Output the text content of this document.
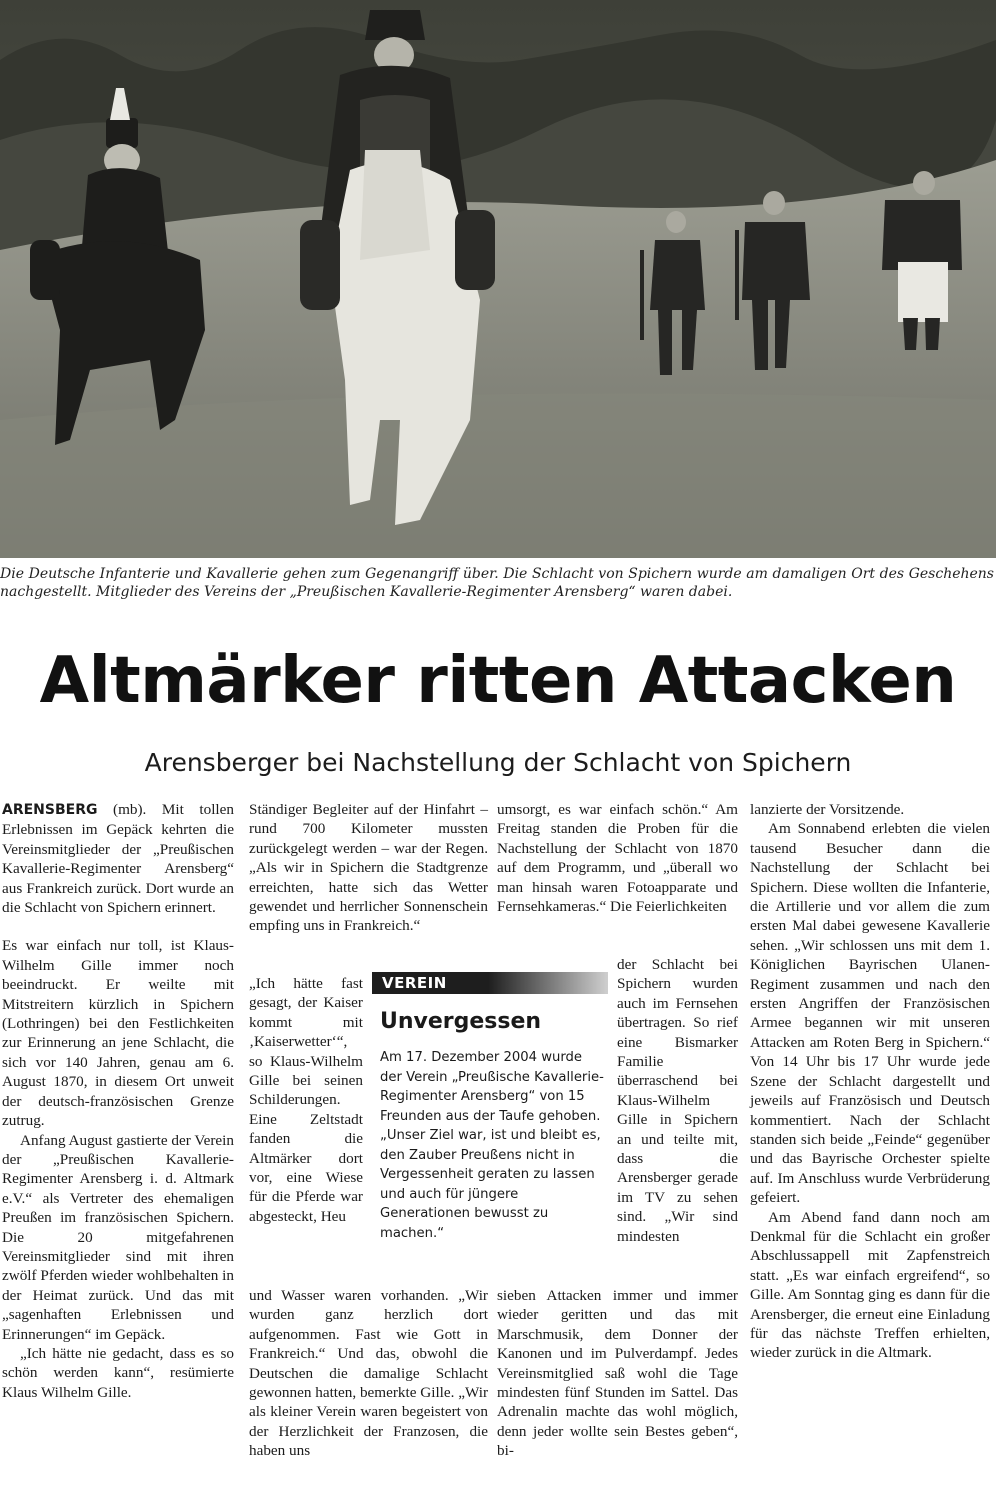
Die Deutsche Infanterie und Kavallerie gehen zum Gegenangriff über. Die Schlacht von Spichern wurde am damaligen Ort des Geschehens nachgestellt. Mitglieder des Vereins der „Preußischen Kavallerie-Regimenter Arensberg“ waren dabei.
Altmärker ritten Attacken
Arensberger bei Nachstellung der Schlacht von Spichern

ARENSBERG (mb). Mit tollen Erlebnissen im Gepäck kehrten die Vereinsmitglieder der „Preußischen Kavallerie-Regimenter Arensberg“ aus Frankreich zurück. Dort wurde an die Schlacht von Spichern erinnert.

Es war einfach nur toll, ist Klaus-Wilhelm Gille immer noch beeindruckt. Er weilte mit Mitstreitern kürzlich in Spichern (Lothringen) bei den Festlichkeiten zur Erinnerung an jene Schlacht, die sich vor 140 Jahren, genau am 6. August 1870, in diesem Ort unweit der deutsch-französischen Grenze zutrug.

Anfang August gastierte der Verein der „Preußischen Kavallerie-Regimenter Arensberg i. d. Altmark e.V.“ als Vertreter des ehemaligen Preußen im französischen Spichern. Die 20 mitgefahrenen Vereinsmitglieder sind mit ihren zwölf Pferden wieder wohlbehalten in der Heimat zurück. Und das mit „sagenhaften Erlebnissen und Erinnerungen“ im Gepäck.

„Ich hätte nie gedacht, dass es so schön werden kann“, resümierte Klaus Wilhelm Gille.

Ständiger Begleiter auf der Hinfahrt – rund 700 Kilometer mussten zurückgelegt werden – war der Regen. „Als wir in Spichern die Stadtgrenze erreichten, hatte sich das Wetter gewendet und herrlicher Sonnenschein empfing uns in Frankreich.“

„Ich hätte fast gesagt, der Kaiser kommt mit ‚Kaiserwetter‘“, so Klaus-Wilhelm Gille bei seinen Schilderungen. Eine Zeltstadt fanden die Altmärker dort vor, eine Wiese für die Pferde war abgesteckt, Heu

und Wasser waren vorhanden. „Wir wurden ganz herzlich dort aufgenommen. Fast wie Gott in Frankreich.“ Und das, obwohl die Deutschen die damalige Schlacht gewonnen hatten, bemerkte Gille. „Wir als kleiner Verein waren begeistert von der Herzlichkeit der Franzosen, die haben uns

umsorgt, es war einfach schön.“ Am Freitag standen die Proben für die Nachstellung der Schlacht von 1870 auf dem Programm, und „überall wo man hinsah waren Fotoapparate und Fernsehkameras.“ Die Feierlichkeiten

der Schlacht bei Spichern wurden auch im Fernsehen übertragen. So rief eine Bismarker Familie überraschend bei Klaus-Wilhelm Gille in Spichern an und teilte mit, dass die Arensberger gerade im TV zu sehen sind. „Wir sind mindesten

sieben Attacken immer und immer wieder geritten und das mit Marschmusik, dem Donner der Kanonen und im Pulverdampf. Jedes Vereinsmitglied saß wohl die Tage mindesten fünf Stunden im Sattel. Das Adrenalin machte das wohl möglich, denn jeder wollte sein Bestes geben“, bi-

lanzierte der Vorsitzende.

Am Sonnabend erlebten die vielen tausend Besucher dann die Nachstellung der Schlacht bei Spichern. Diese wollten die Infanterie, die Artillerie und vor allem die zum ersten Mal dabei gewesene Kavallerie sehen. „Wir schlossen uns mit dem 1. Königlichen Bayrischen Ulanen-Regiment zusammen und nach den ersten Angriffen der Französischen Armee begannen wir mit unseren Attacken am Roten Berg in Spichern.“ Von 14 Uhr bis 17 Uhr wurde jede Szene der Schlacht dargestellt und jeweils auf Französisch und Deutsch kommentiert. Nach der Schlacht standen sich beide „Feinde“ gegenüber und das Bayrische Orchester spielte auf. Im Anschluss wurde Verbrüderung gefeiert.

Am Abend fand dann noch am Denkmal für die Schlacht ein großer Abschlussappell mit Zapfenstreich statt. „Es war einfach ergreifend“, so Gille. Am Sonntag ging es dann für die Arensberger, die erneut eine Einladung für das nächste Treffen erhielten, wieder zurück in die Altmark.

VEREIN
Unvergessen

Am 17. Dezember 2004 wurde der Verein „Preußische Kavallerie-Regimenter Arensberg“ von 15 Freunden aus der Taufe gehoben. „Unser Ziel war, ist und bleibt es, den Zauber Preußens nicht in Vergessenheit geraten zu lassen und auch für jüngere Generationen bewusst zu machen.“
